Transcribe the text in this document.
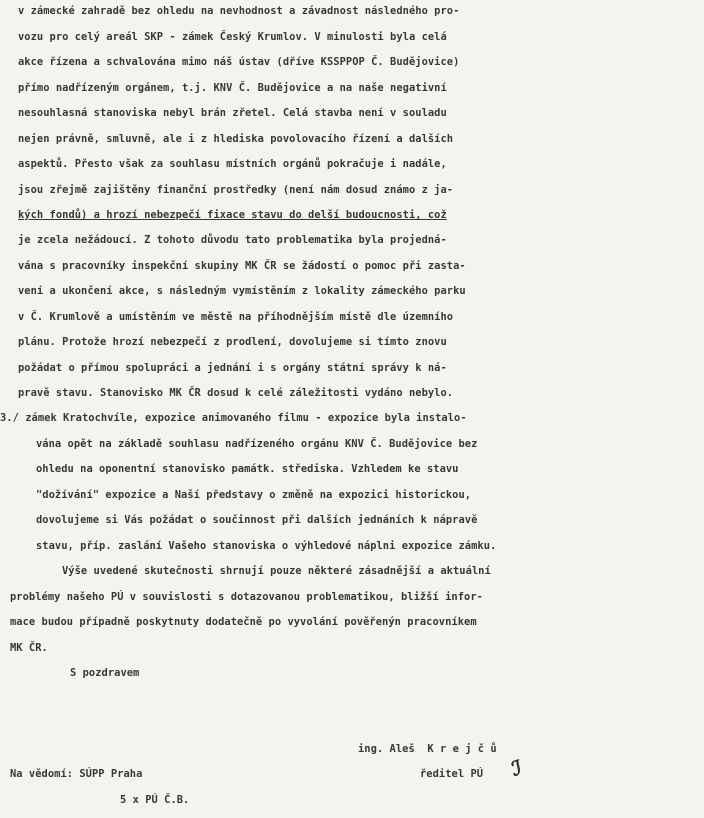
v zámecké zahradě bez ohledu na nevhodnost a závadnost následného pro-
vozu pro celý areál SKP - zámek Český Krumlov. V minulosti byla celá
akce řízena a schvalována mimo náš ústav (dříve KSSPPOP Č. Budějovice)
přímo nadřízeným orgánem, t.j. KNV Č. Budějovice a na naše negativní
nesouhlasná stanoviska nebyl brán zřetel. Celá stavba není v souladu
nejen právně, smluvně, ale i z hlediska povolovacího řízení a dalších
aspektů. Přesto však za souhlasu místních orgánů pokračuje i nadále,
jsou zřejmě zajištěny finanční prostředky (není nám dosud známo z ja-
kých fondů) a hrozí nebezpečí fixace stavu do delší budoucnosti, což
je zcela nežádoucí. Z tohoto důvodu tato problematika byla projedná-
vána s pracovníky inspekční skupiny MK ČR se žádostí o pomoc při zasta-
vení a ukončení akce, s následným vymístěním z lokality zámeckého parku
v Č. Krumlově a umístěním ve městě na příhodnějším místě dle územního
plánu. Protože hrozí nebezpečí z prodlení, dovolujeme si tímto znovu
požádat o přímou spolupráci a jednání i s orgány státní správy k ná-
pravě stavu. Stanovisko MK ČR dosud k celé záležitosti vydáno nebylo.
3./ zámek Kratochvíle, expozice animovaného filmu - expozice byla instalo-
vána opět na základě souhlasu nadřízeného orgánu KNV Č. Budějovice bez
ohledu na oponentní stanovisko památk. střediska. Vzhledem ke stavu
"dožívání" expozice a Naší představy o změně na expozici historickou,
dovolujeme si Vás požádat o součinnost při dalších jednáních k nápravě
stavu, příp. zaslání Vašeho stanoviska o výhledové náplni expozice zámku.
Výše uvedené skutečnosti shrnují pouze některé zásadnější a aktuální
problémy našeho PÚ v souvislosti s dotazovanou problematikou, bližší infor-
mace budou případně poskytnuty dodatečně po vyvolání pověřenýn pracovníkem
MK ČR.
S pozdravem
ing. Aleš  K r e j č ů
ředitel PÚ ℐ
Na vědomí: SÚPP Praha
5 x PÚ Č.B.
